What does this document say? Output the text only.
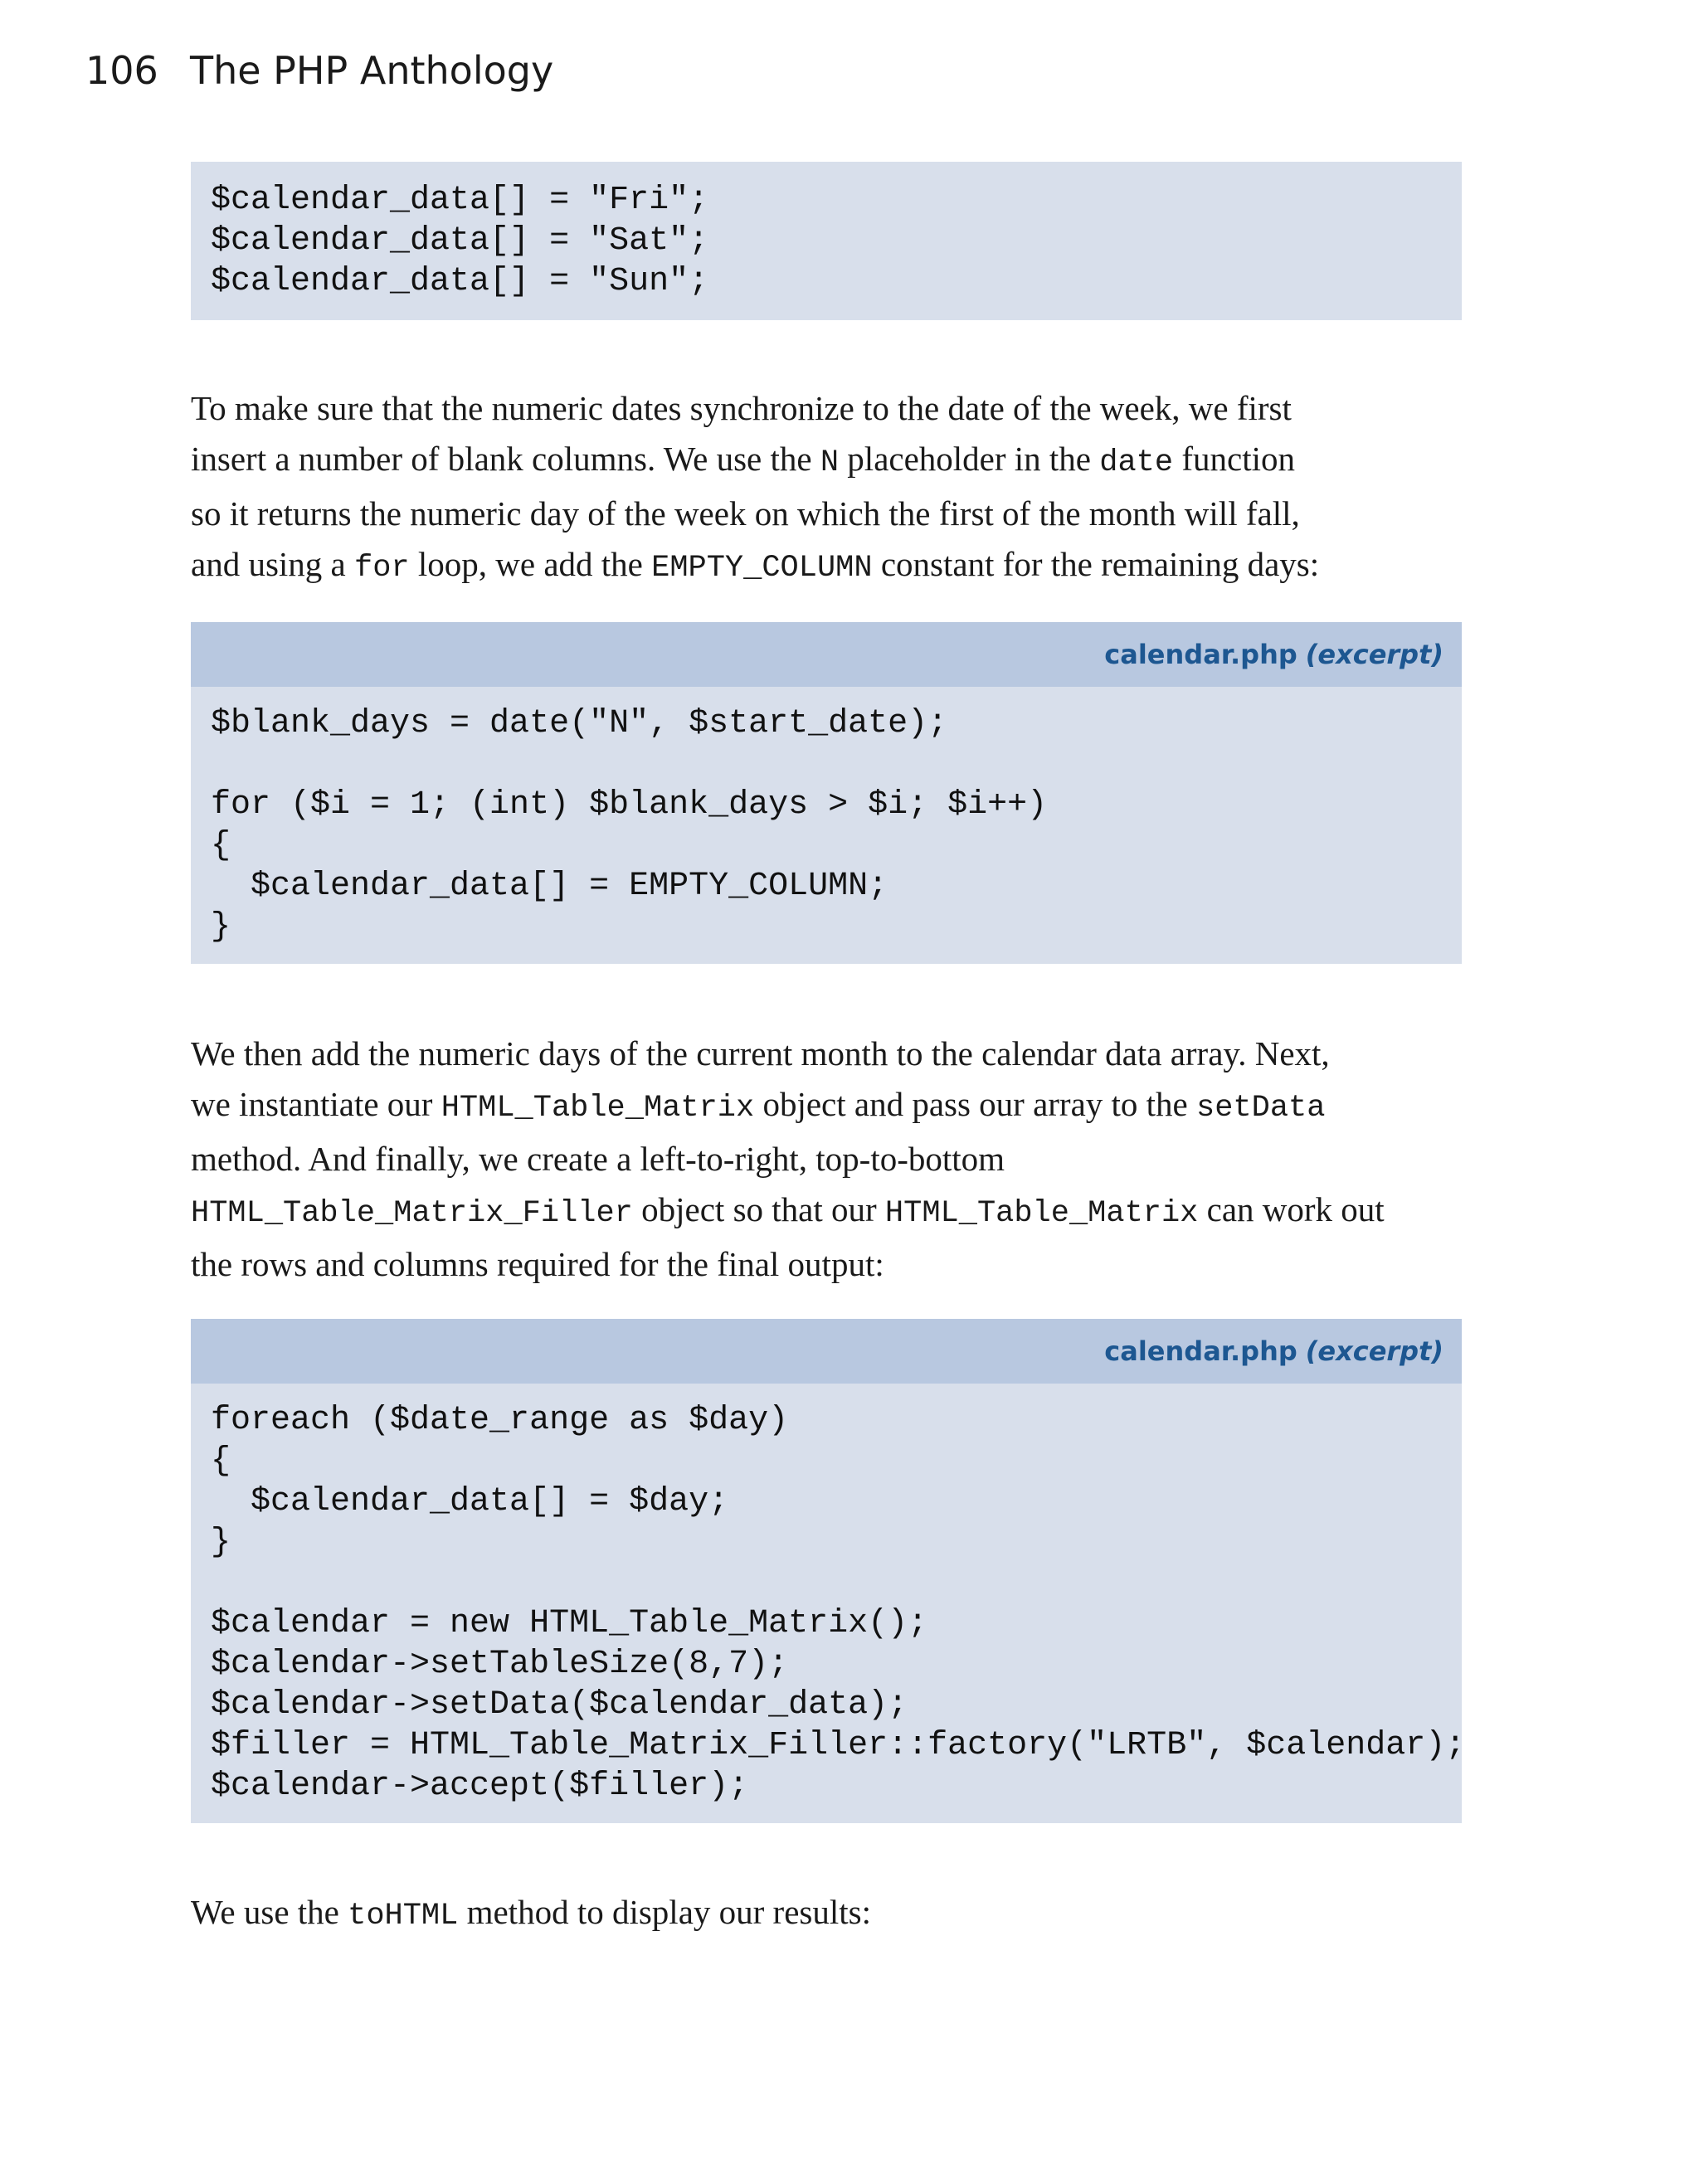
106 The PHP Anthology
$calendar_data[] = "Fri";
$calendar_data[] = "Sat";
$calendar_data[] = "Sun";
To make sure that the numeric dates synchronize to the date of the week, we first
insert a number of blank columns. We use the N placeholder in the date function
so it returns the numeric day of the week on which the first of the month will fall,
and using a for loop, we add the EMPTY_COLUMN constant for the remaining days:
calendar.php (excerpt)
$blank_days = date("N", $start_date);

for ($i = 1; (int) $blank_days > $i; $i++)
{
$calendar_data[] = EMPTY_COLUMN;
}
We then add the numeric days of the current month to the calendar data array. Next,
we instantiate our HTML_Table_Matrix object and pass our array to the setData
method. And finally, we create a left-to-right, top-to-bottom
HTML_Table_Matrix_Filler object so that our HTML_Table_Matrix can work out
the rows and columns required for the final output:
calendar.php (excerpt)
foreach ($date_range as $day)
{
$calendar_data[] = $day;
}

$calendar = new HTML_Table_Matrix();
$calendar->setTableSize(8,7);
$calendar->setData($calendar_data);
$filler = HTML_Table_Matrix_Filler::factory("LRTB", $calendar);
$calendar->accept($filler);
We use the toHTML method to display our results:
